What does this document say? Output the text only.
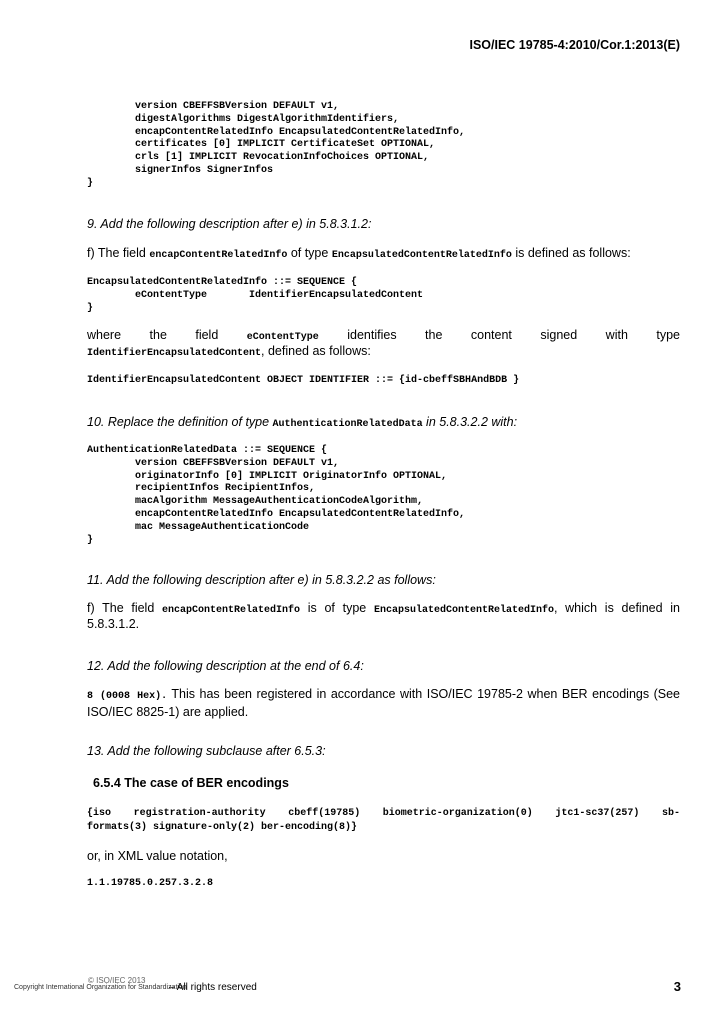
ISO/IEC 19785-4:2010/Cor.1:2013(E)
version CBEFFSBVersion DEFAULT v1,
digestAlgorithms DigestAlgorithmIdentifiers,
encapContentRelatedInfo EncapsulatedContentRelatedInfo,
certificates [0] IMPLICIT CertificateSet OPTIONAL,
crls [1] IMPLICIT RevocationInfoChoices OPTIONAL,
signerInfos SignerInfos
}
9. Add the following description after e) in 5.8.3.1.2:
f) The field encapContentRelatedInfo of type EncapsulatedContentRelatedInfo is defined as follows:
EncapsulatedContentRelatedInfo ::= SEQUENCE {
eContentType       IdentifierEncapsulatedContent
}
where the field eContentType identifies the content signed with type
IdentifierEncapsulatedContent, defined as follows:
IdentifierEncapsulatedContent OBJECT IDENTIFIER ::= {id-cbeffSBHAndBDB }
10. Replace the definition of type AuthenticationRelatedData in 5.8.3.2.2 with:
AuthenticationRelatedData ::= SEQUENCE {
version CBEFFSBVersion DEFAULT v1,
originatorInfo [0] IMPLICIT OriginatorInfo OPTIONAL,
recipientInfos RecipientInfos,
macAlgorithm MessageAuthenticationCodeAlgorithm,
encapContentRelatedInfo EncapsulatedContentRelatedInfo,
mac MessageAuthenticationCode
}
11. Add the following description after e) in 5.8.3.2.2 as follows:
f) The field encapContentRelatedInfo is of type EncapsulatedContentRelatedInfo, which is defined in
5.8.3.1.2.
12. Add the following description at the end of 6.4:
8 (0008 Hex). This has been registered in accordance with ISO/IEC 19785-2 when BER encodings (See ISO/IEC 8825-1) are applied.
13. Add the following subclause after 6.5.3:
6.5.4 The case of BER encodings
{iso registration-authority cbeff(19785) biometric-organization(0) jtc1-sc37(257) sb-
formats(3) signature-only(2) ber-encoding(8)}
or, in XML value notation,
1.1.19785.0.257.3.2.8
© ISO/IEC 2013
Copyright International Organization for Standardization
– All rights reserved	3
